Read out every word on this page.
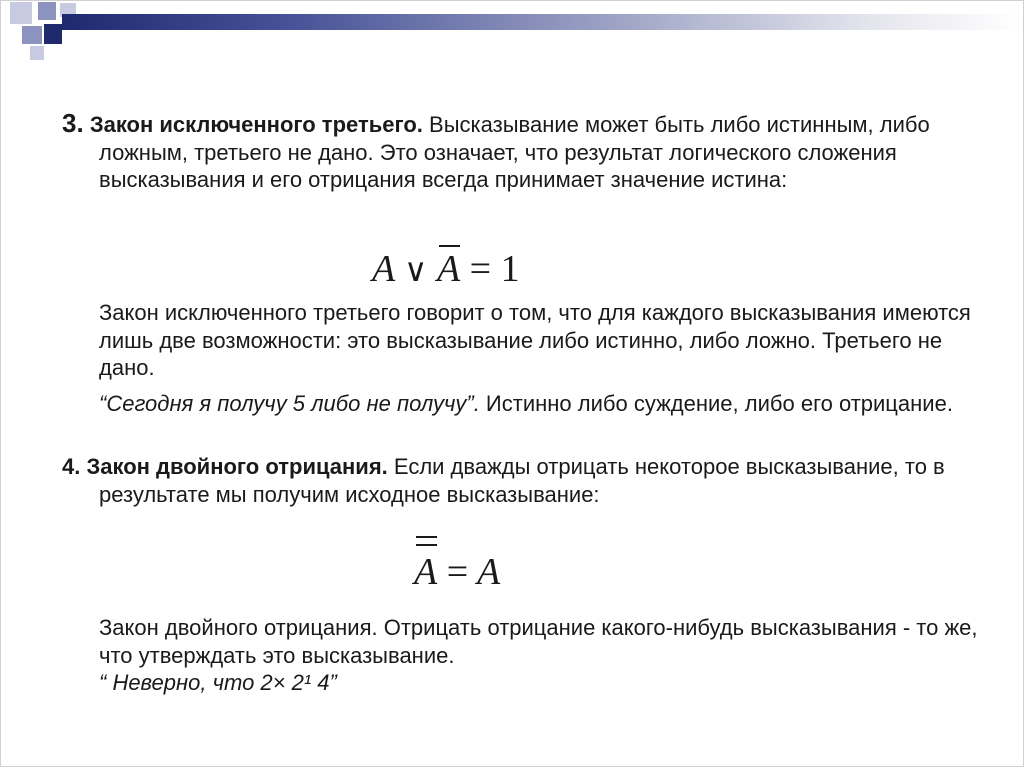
3. Закон исключенного третьего. Высказывание может быть либо истинным, либо ложным, третьего не дано. Это означает, что результат логического сложения высказывания и его отрицания всегда принимает значение истина:

A ∨ A = 1

Закон исключенного третьего говорит о том, что для каждого высказывания имеются лишь две возможности: это высказывание либо истинно, либо ложно. Третьего не дано.

“Сегодня я получу 5 либо не получу”. Истинно либо суждение, либо его отрицание.

4. Закон двойного отрицания. Если дважды отрицать некоторое высказывание, то в результате мы получим исходное высказывание:

A = A

Закон двойного отрицания. Отрицать отрицание какого-нибудь высказывания - то же, что утверждать это высказывание.

“ Неверно, что 2× 2¹ 4”
